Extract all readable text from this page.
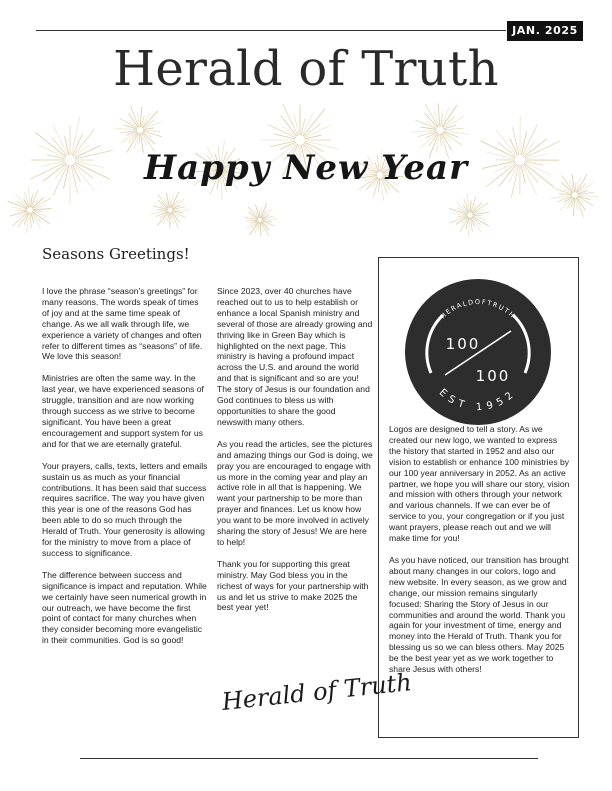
JAN. 2025
Herald of Truth
Happy New Year
Seasons Greetings!

I love the phrase “season’s greetings” for many reasons. The words speak of times of joy and at the same time speak of change. As we all walk through life, we experience a variety of changes and often refer to different times as “seasons” of life. We love this season!

Ministries are often the same way. In the last year, we have experienced seasons of struggle, transition and are now working through success as we strive to become significant. You have been a great encouragement and support system for us and for that we are eternally grateful.

Your prayers, calls, texts, letters and emails sustain us as much as your financial contributions. It has been said that success requires sacrifice. The way you have given this year is one of the reasons God has been able to do so much through the Herald of Truth. Your generosity is allowing for the ministry to move from a place of success to significance.

The difference between success and significance is impact and reputation. While we certainly have seen numerical growth in our outreach, we have become the first point of contact for many churches when they consider becoming more evangelistic in their communities. God is so good!

Since 2023, over 40 churches have reached out to us to help establish or enhance a local Spanish ministry and several of those are already growing and thriving like in Green Bay which is highlighted on the next page. This ministry is having a profound impact across the U.S. and around the world and that is significant and so are you! The story of Jesus is our foundation and God continues to bless us with opportunities to share the good newswith many others.

As you read the articles, see the pictures and amazing things our God is doing, we pray you are encouraged to engage with us more in the coming year and play an active role in all that is happening. We want your partnership to be more than prayer and finances. Let us know how you want to be more involved in actively sharing the story of Jesus! We are here to help!

Thank you for supporting this great ministry. May God bless you in the richest of ways for your partnership with us and let us strive to make 2025 the best year yet!

Herald of Truth
HERALDOFTRUTH
100
100
EST 1952

Logos are designed to tell a story. As we created our new logo, we wanted to express the history that started in 1952 and also our vision to establish or enhance 100 ministries by our 100 year anniversary in 2052. As an active partner, we hope you will share our story, vision and mission with others through your network and various channels. If we can ever be of service to you, your congregation or if you just want prayers, please reach out and we will make time for you!

As you have noticed, our transition has brought about many changes in our colors, logo and new website. In every season, as we grow and change, our mission remains singularly focused: Sharing the Story of Jesus in our communities and around the world. Thank you again for your investment of time, energy and money into the Herald of Truth. Thank you for blessing us so we can bless others. May 2025 be the best year yet as we work together to share Jesus with others!
